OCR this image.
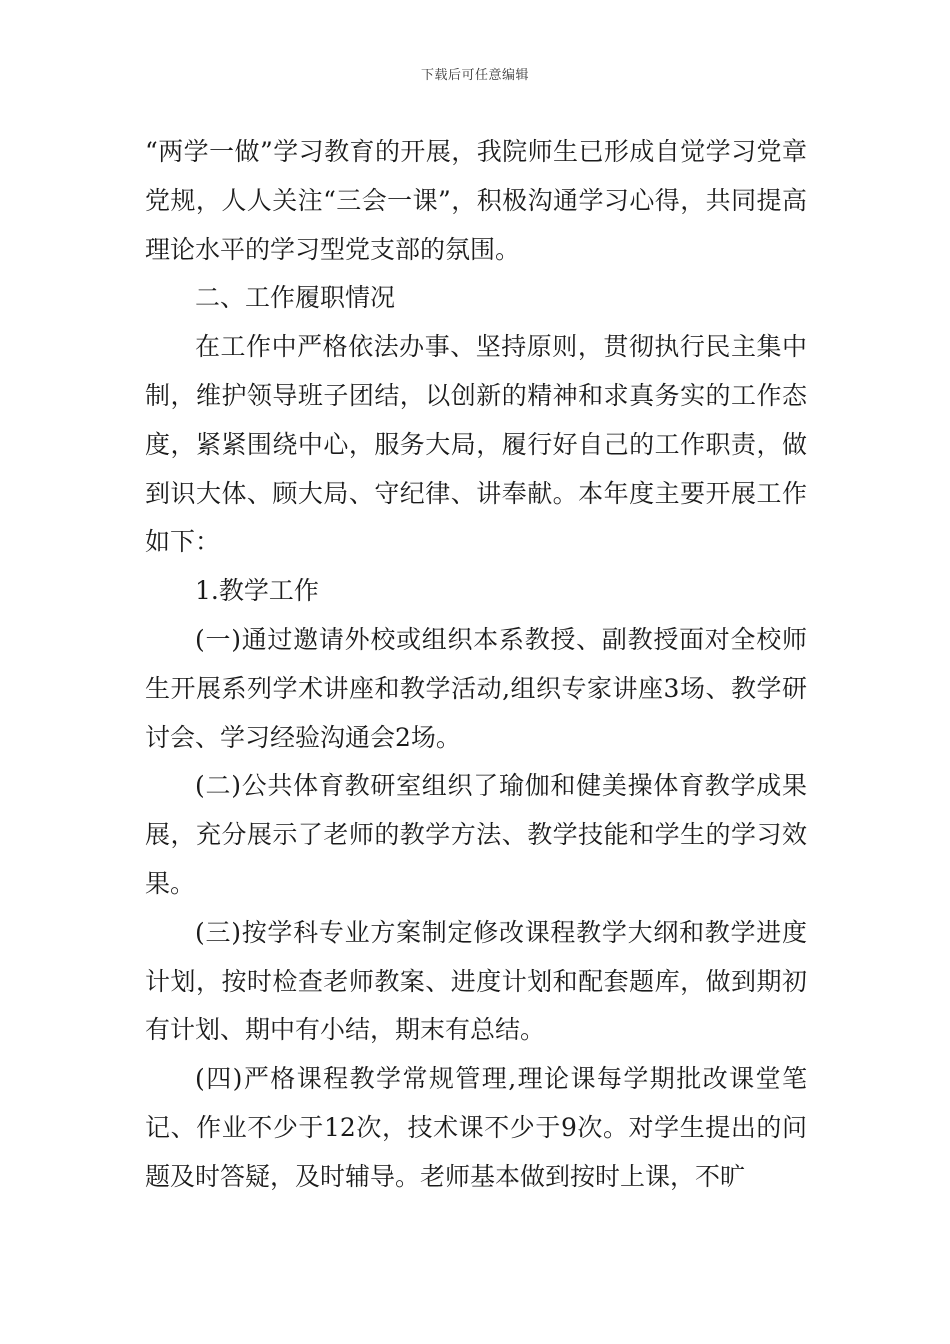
下载后可任意编辑

“两学一做”学习教育的开展，我院师生已形成自觉学习党章党规，人人关注“三会一课”，积极沟通学习心得，共同提高理论水平的学习型党支部的氛围。

二、工作履职情况

在工作中严格依法办事、坚持原则，贯彻执行民主集中制，维护领导班子团结，以创新的精神和求真务实的工作态度，紧紧围绕中心，服务大局，履行好自己的工作职责，做到识大体、顾大局、守纪律、讲奉献。本年度主要开展工作如下：

1.教学工作

(一)通过邀请外校或组织本系教授、副教授面对全校师生开展系列学术讲座和教学活动,组织专家讲座3场、教学研讨会、学习经验沟通会2场。

(二)公共体育教研室组织了瑜伽和健美操体育教学成果展，充分展示了老师的教学方法、教学技能和学生的学习效果。

(三)按学科专业方案制定修改课程教学大纲和教学进度计划，按时检查老师教案、进度计划和配套题库，做到期初有计划、期中有小结，期末有总结。

(四)严格课程教学常规管理,理论课每学期批改课堂笔记、作业不少于12次，技术课不少于9次。对学生提出的问题及时答疑，及时辅导。老师基本做到按时上课，不旷
